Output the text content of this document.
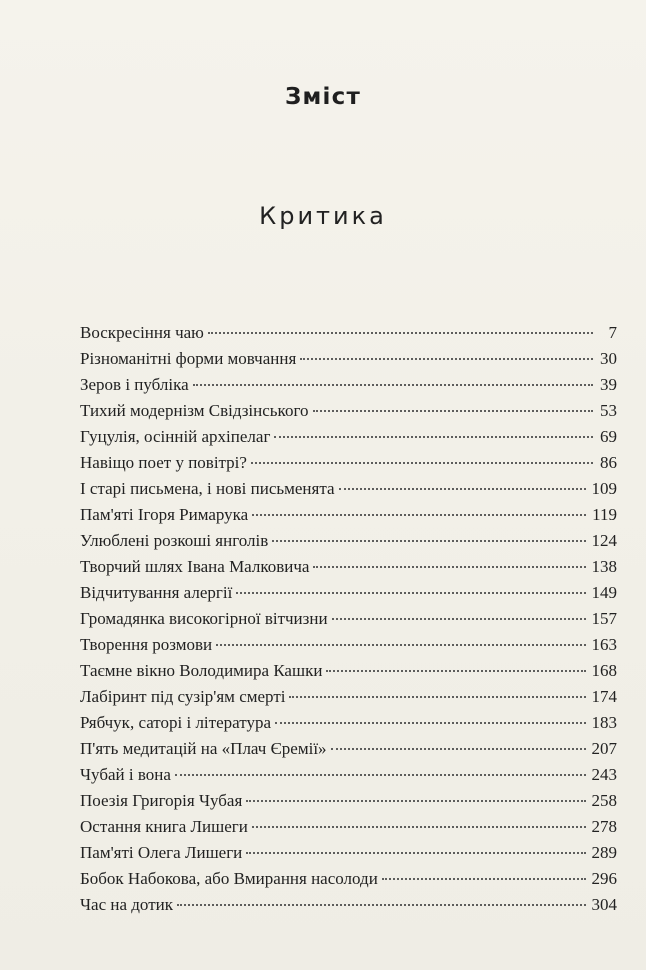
Зміст
Критика
Воскресіння чаю	7
Різноманітні форми мовчання	30
Зеров і публіка	39
Тихий модернізм Свідзінського	53
Гуцулія, осінній архіпелаг	69
Навіщо поет у повітрі?	86
І старі письмена, і нові письменята	109
Пам'яті Ігоря Римарука	119
Улюблені розкоші янголів	124
Творчий шлях Івана Малковича	138
Відчитування алергії	149
Громадянка високогірної вітчизни	157
Творення розмови	163
Таємне вікно Володимира Кашки	168
Лабіринт під сузір'ям смерті	174
Рябчук, саторі і література	183
П'ять медитацій на «Плач Єремії»	207
Чубай і вона	243
Поезія Григорія Чубая	258
Остання книга Лишеги	278
Пам'яті Олега Лишеги	289
Бобок Набокова, або Вмирання насолоди	296
Час на дотик	304
